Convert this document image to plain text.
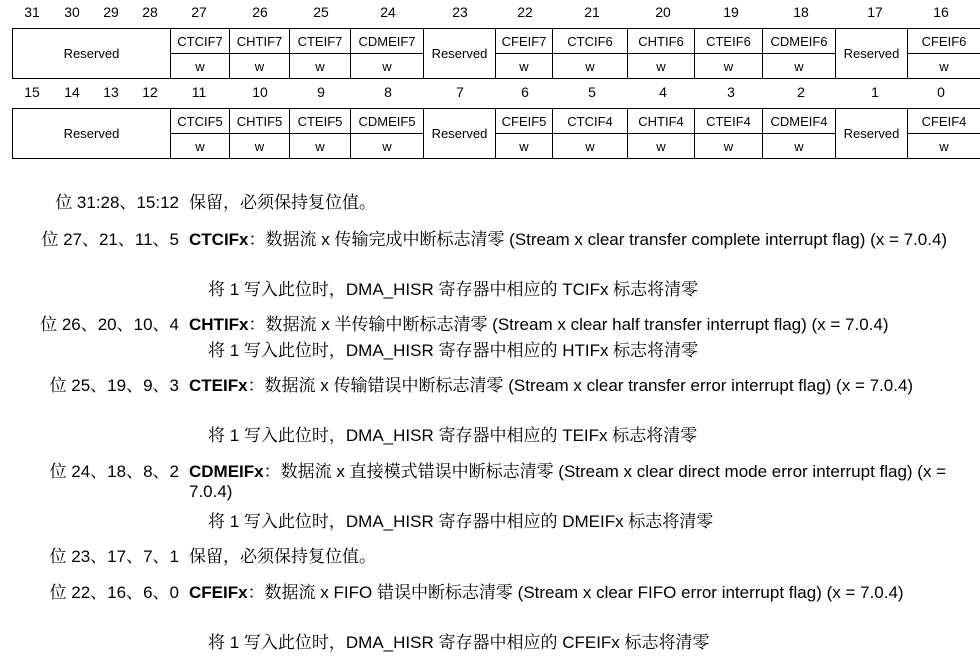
31	30	29	28	27	26	25	24	23	22	21	20	19	18	17	16
Reserved	CTCIF7	CHTIF7	CTEIF7	CDMEIF7	Reserved	CFEIF7	CTCIF6	CHTIF6	CTEIF6	CDMEIF6	Reserved	CFEIF6
	w	w	w	w		w	w	w	w	w		w
15	14	13	12	11	10	9	8	7	6	5	4	3	2	1	0
Reserved	CTCIF5	CHTIF5	CTEIF5	CDMEIF5	Reserved	CFEIF5	CTCIF4	CHTIF4	CTEIF4	CDMEIF4	Reserved	CFEIF4
	w	w	w	w		w	w	w	w	w		w
位 31:28、15:12 保留，必须保持复位值。
位 27、21、11、5 CTCIFx：数据流 x 传输完成中断标志清零 (Stream x clear transfer complete interrupt flag) (x = 7.0.4)
将 1 写入此位时，DMA_HISR 寄存器中相应的 TCIFx 标志将清零
位 26、20、10、4 CHTIFx：数据流 x 半传输中断标志清零 (Stream x clear half transfer interrupt flag) (x = 7.0.4)
将 1 写入此位时，DMA_HISR 寄存器中相应的 HTIFx 标志将清零
位 25、19、9、3 CTEIFx：数据流 x 传输错误中断标志清零 (Stream x clear transfer error interrupt flag) (x = 7.0.4)
将 1 写入此位时，DMA_HISR 寄存器中相应的 TEIFx 标志将清零
位 24、18、8、2 CDMEIFx：数据流 x 直接模式错误中断标志清零 (Stream x clear direct mode error interrupt flag) (x = 7.0.4)
将 1 写入此位时，DMA_HISR 寄存器中相应的 DMEIFx 标志将清零
位 23、17、7、1 保留，必须保持复位值。
位 22、16、6、0 CFEIFx：数据流 x FIFO 错误中断标志清零 (Stream x clear FIFO error interrupt flag) (x = 7.0.4)
将 1 写入此位时，DMA_HISR 寄存器中相应的 CFEIFx 标志将清零
